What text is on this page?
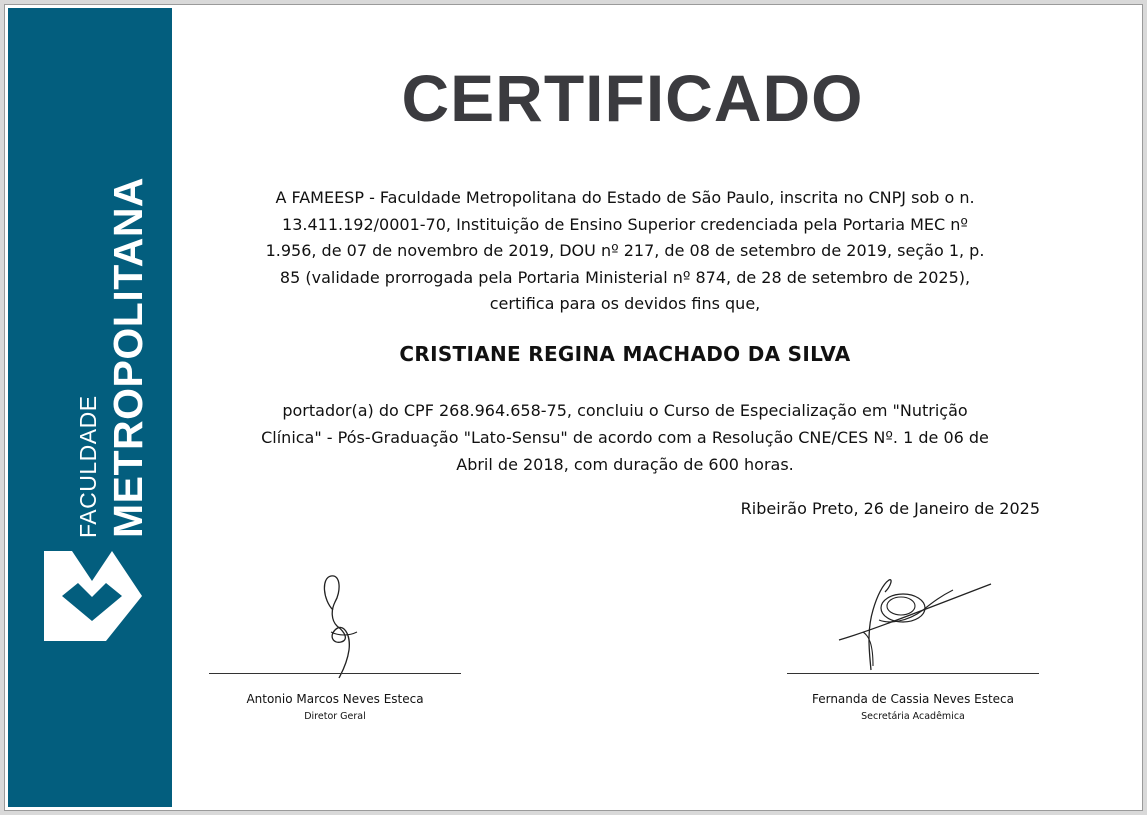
FACULDADE METROPOLITANA
CERTIFICADO
A FAMEESP - Faculdade Metropolitana do Estado de São Paulo, inscrita no CNPJ sob o n.
13.411.192/0001-70, Instituição de Ensino Superior credenciada pela Portaria MEC nº
1.956, de 07 de novembro de 2019, DOU nº 217, de 08 de setembro de 2019, seção 1, p.
85 (validade prorrogada pela Portaria Ministerial nº 874, de 28 de setembro de 2025),
certifica para os devidos fins que,
CRISTIANE REGINA MACHADO DA SILVA
portador(a) do CPF 268.964.658-75, concluiu o Curso de Especialização em "Nutrição
Clínica" - Pós-Graduação "Lato-Sensu" de acordo com a Resolução CNE/CES Nº. 1 de 06 de
Abril de 2018, com duração de 600 horas.
Ribeirão Preto, 26 de Janeiro de 2025
Antonio Marcos Neves Esteca
Diretor Geral
Fernanda de Cassia Neves Esteca
Secretária Acadêmica
